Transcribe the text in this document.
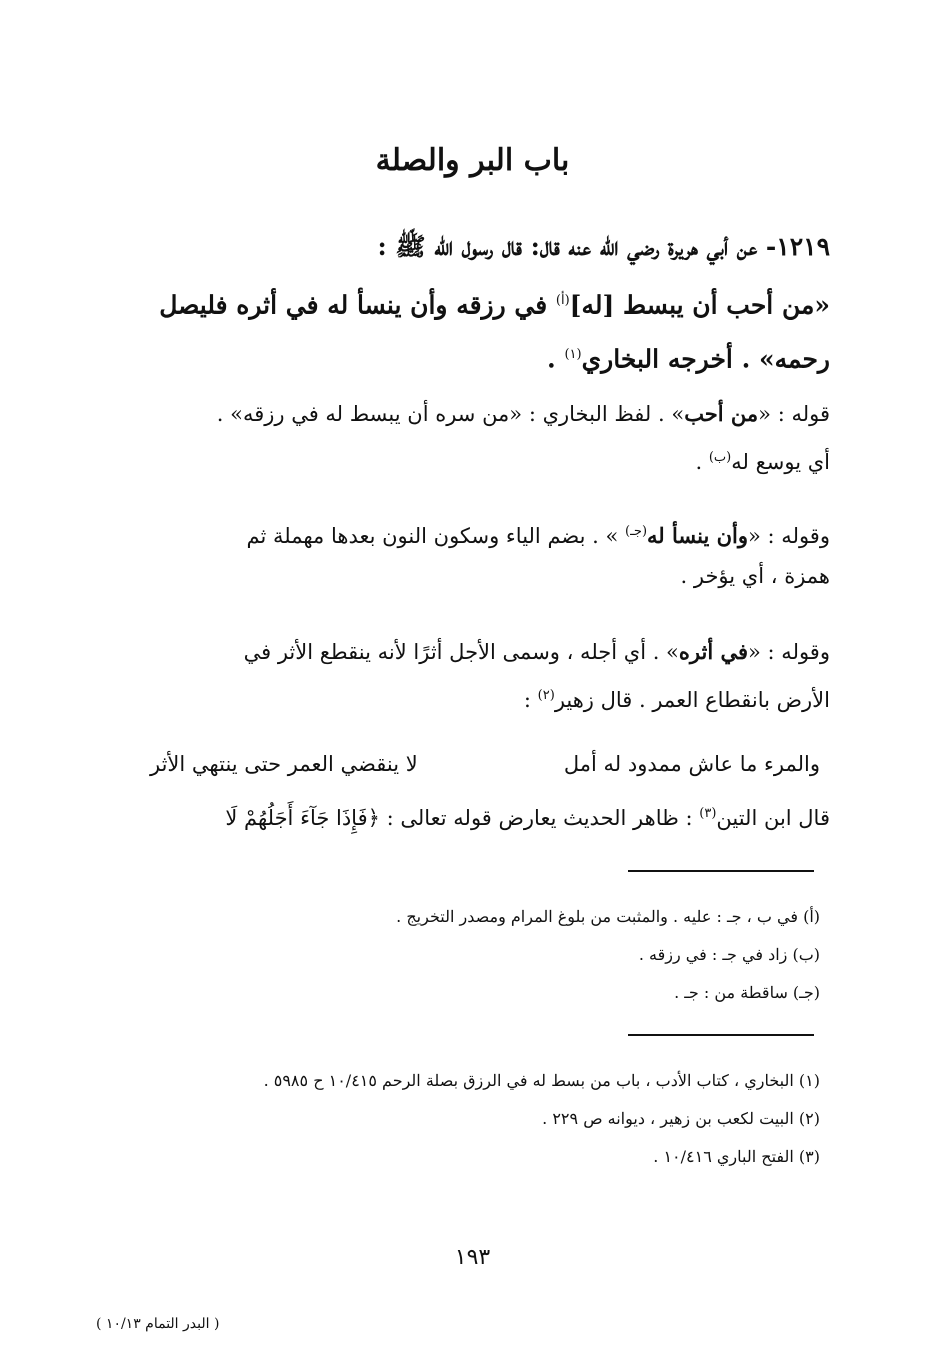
باب البر والصلة
١٢١٩- عن أبي هريرة رضي الله عنه قال: قال رسول الله ﷺ :
«من أحب أن يبسط [له]$^{(أ)}$ في رزقه وأن ينسأ له في أثره فليصل
رحمه» . أخرجه البخاري$^{(١)}$ .
قوله : «من أحب» . لفظ البخاري : «من سره أن يبسط له في رزقه» .
أي يوسع له$^{(ب)}$ .
وقوله : «وأن ينسأ له$^{(جـ)}$ » . بضم الياء وسكون النون بعدها مهملة ثم
همزة ، أي يؤخر .
وقوله : «في أثره» . أي أجله ، وسمى الأجل أثرًا لأنه ينقطع الأثر في
الأرض بانقطاع العمر . قال زهير$^{(٢)}$ :
والمرء ما عاش ممدود له أمل
لا ينقضي العمر حتى ينتهي الأثر
قال ابن التين$^{(٣)}$ : ظاهر الحديث يعارض قوله تعالى : ﴿فَإِذَا جَآءَ أَجَلُهُمْ لَا
(أ) في ب ، جـ : عليه . والمثبت من بلوغ المرام ومصدر التخريج .
(ب) زاد في جـ : في رزقه .
(جـ) ساقطة من : جـ .
(١) البخاري ، كتاب الأدب ، باب من بسط له في الرزق بصلة الرحم ١٠/٤١٥ ح ٥٩٨٥ .
(٢) البيت لكعب بن زهير ، ديوانه ص ٢٢٩ .
(٣) الفتح الباري ١٠/٤١٦ .
١٩٣
( البدر التمام ١٠/١٣ )
